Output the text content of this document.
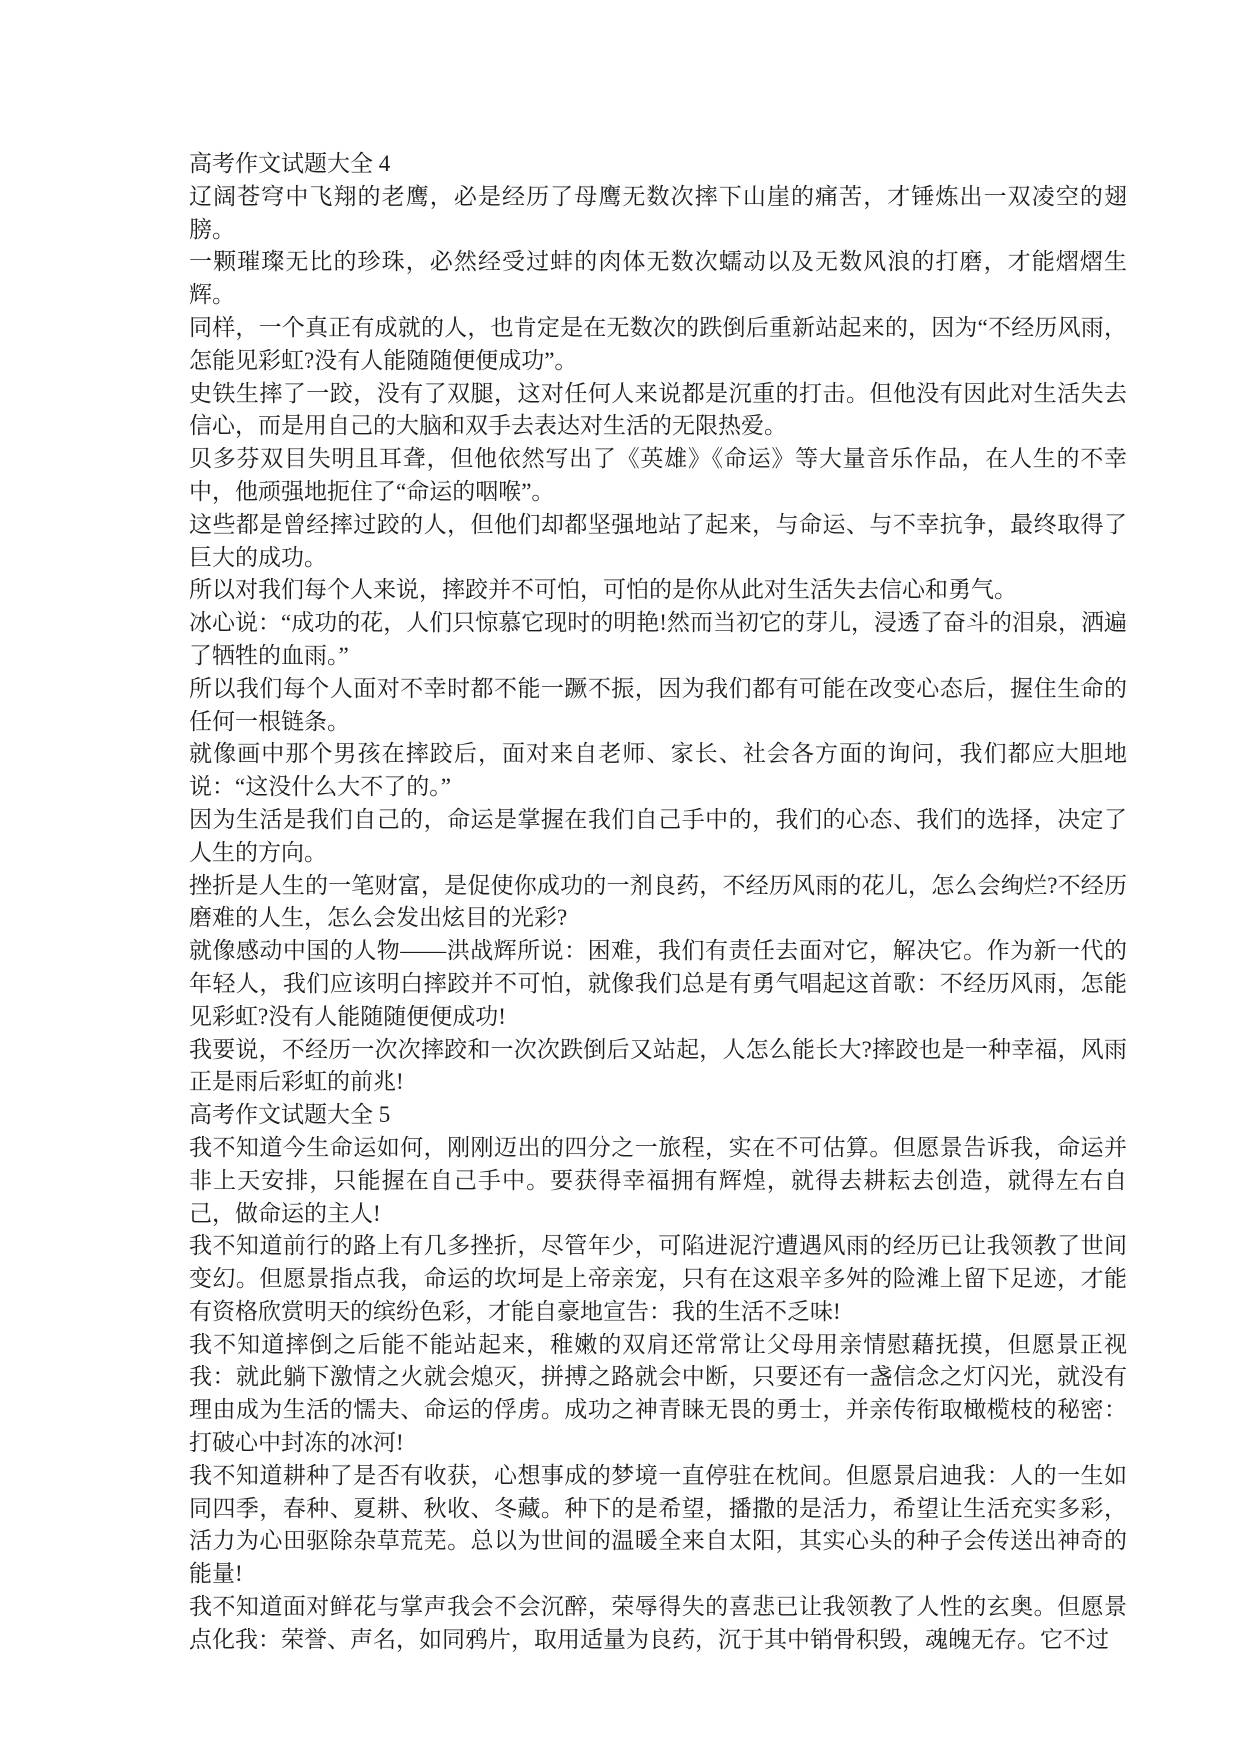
高考作文试题大全 4

辽阔苍穹中飞翔的老鹰，必是经历了母鹰无数次摔下山崖的痛苦，才锤炼出一双凌空的翅膀。

一颗璀璨无比的珍珠，必然经受过蚌的肉体无数次蠕动以及无数风浪的打磨，才能熠熠生辉。

同样，一个真正有成就的人，也肯定是在无数次的跌倒后重新站起来的，因为“不经历风雨，怎能见彩虹?没有人能随随便便成功”。

史铁生摔了一跤，没有了双腿，这对任何人来说都是沉重的打击。但他没有因此对生活失去信心，而是用自己的大脑和双手去表达对生活的无限热爱。

贝多芬双目失明且耳聋，但他依然写出了《英雄》《命运》等大量音乐作品，在人生的不幸中，他顽强地扼住了“命运的咽喉”。

这些都是曾经摔过跤的人，但他们却都坚强地站了起来，与命运、与不幸抗争，最终取得了巨大的成功。

所以对我们每个人来说，摔跤并不可怕，可怕的是你从此对生活失去信心和勇气。

冰心说：“成功的花，人们只惊慕它现时的明艳!然而当初它的芽儿，浸透了奋斗的泪泉，洒遍了牺牲的血雨。”

所以我们每个人面对不幸时都不能一蹶不振，因为我们都有可能在改变心态后，握住生命的任何一根链条。

就像画中那个男孩在摔跤后，面对来自老师、家长、社会各方面的询问，我们都应大胆地说：“这没什么大不了的。”

因为生活是我们自己的，命运是掌握在我们自己手中的，我们的心态、我们的选择，决定了人生的方向。

挫折是人生的一笔财富，是促使你成功的一剂良药，不经历风雨的花儿，怎么会绚烂?不经历磨难的人生，怎么会发出炫目的光彩?

就像感动中国的人物——洪战辉所说：困难，我们有责任去面对它，解决它。作为新一代的年轻人，我们应该明白摔跤并不可怕，就像我们总是有勇气唱起这首歌：不经历风雨，怎能见彩虹?没有人能随随便便成功!

我要说，不经历一次次摔跤和一次次跌倒后又站起，人怎么能长大?摔跤也是一种幸福，风雨正是雨后彩虹的前兆!

高考作文试题大全 5

我不知道今生命运如何，刚刚迈出的四分之一旅程，实在不可估算。但愿景告诉我，命运并非上天安排，只能握在自己手中。要获得幸福拥有辉煌，就得去耕耘去创造，就得左右自己，做命运的主人!

我不知道前行的路上有几多挫折，尽管年少，可陷进泥泞遭遇风雨的经历已让我领教了世间变幻。但愿景指点我，命运的坎坷是上帝亲宠，只有在这艰辛多舛的险滩上留下足迹，才能有资格欣赏明天的缤纷色彩，才能自豪地宣告：我的生活不乏味!

我不知道摔倒之后能不能站起来，稚嫩的双肩还常常让父母用亲情慰藉抚摸，但愿景正视我：就此躺下激情之火就会熄灭，拼搏之路就会中断，只要还有一盏信念之灯闪光，就没有理由成为生活的懦夫、命运的俘虏。成功之神青睐无畏的勇士，并亲传衔取橄榄枝的秘密：打破心中封冻的冰河!

我不知道耕种了是否有收获，心想事成的梦境一直停驻在枕间。但愿景启迪我：人的一生如同四季，春种、夏耕、秋收、冬藏。种下的是希望，播撒的是活力，希望让生活充实多彩，活力为心田驱除杂草荒芜。总以为世间的温暖全来自太阳，其实心头的种子会传送出神奇的能量!

我不知道面对鲜花与掌声我会不会沉醉，荣辱得失的喜悲已让我领教了人性的玄奥。但愿景点化我：荣誉、声名，如同鸦片，取用适量为良药，沉于其中销骨积毁，魂魄无存。它不过
